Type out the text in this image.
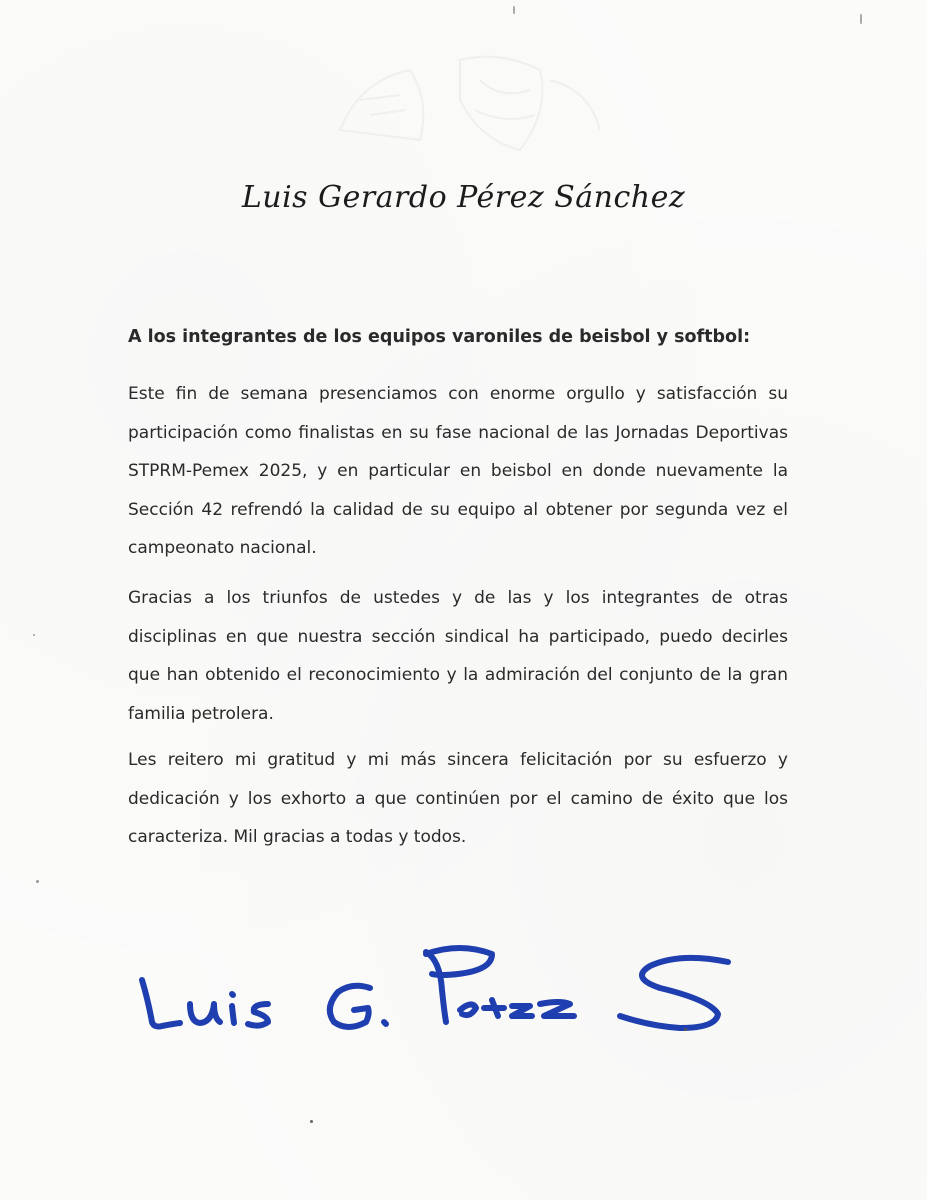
Luis Gerardo Pérez Sánchez
A los integrantes de los equipos varoniles de beisbol y softbol:

Este fin de semana presenciamos con enorme orgullo y satisfacción su participación como finalistas en su fase nacional de las Jornadas Deportivas STPRM-Pemex 2025, y en particular en beisbol en donde nuevamente la Sección 42 refrendó la calidad de su equipo al obtener por segunda vez el campeonato nacional.

Gracias a los triunfos de ustedes y de las y los integrantes de otras disciplinas en que nuestra sección sindical ha participado, puedo decirles que han obtenido el reconocimiento y la admiración del conjunto de la gran familia petrolera.

Les reitero mi gratitud y mi más sincera felicitación por su esfuerzo y dedicación y los exhorto a que continúen por el camino de éxito que los caracteriza. Mil gracias a todas y todos.
